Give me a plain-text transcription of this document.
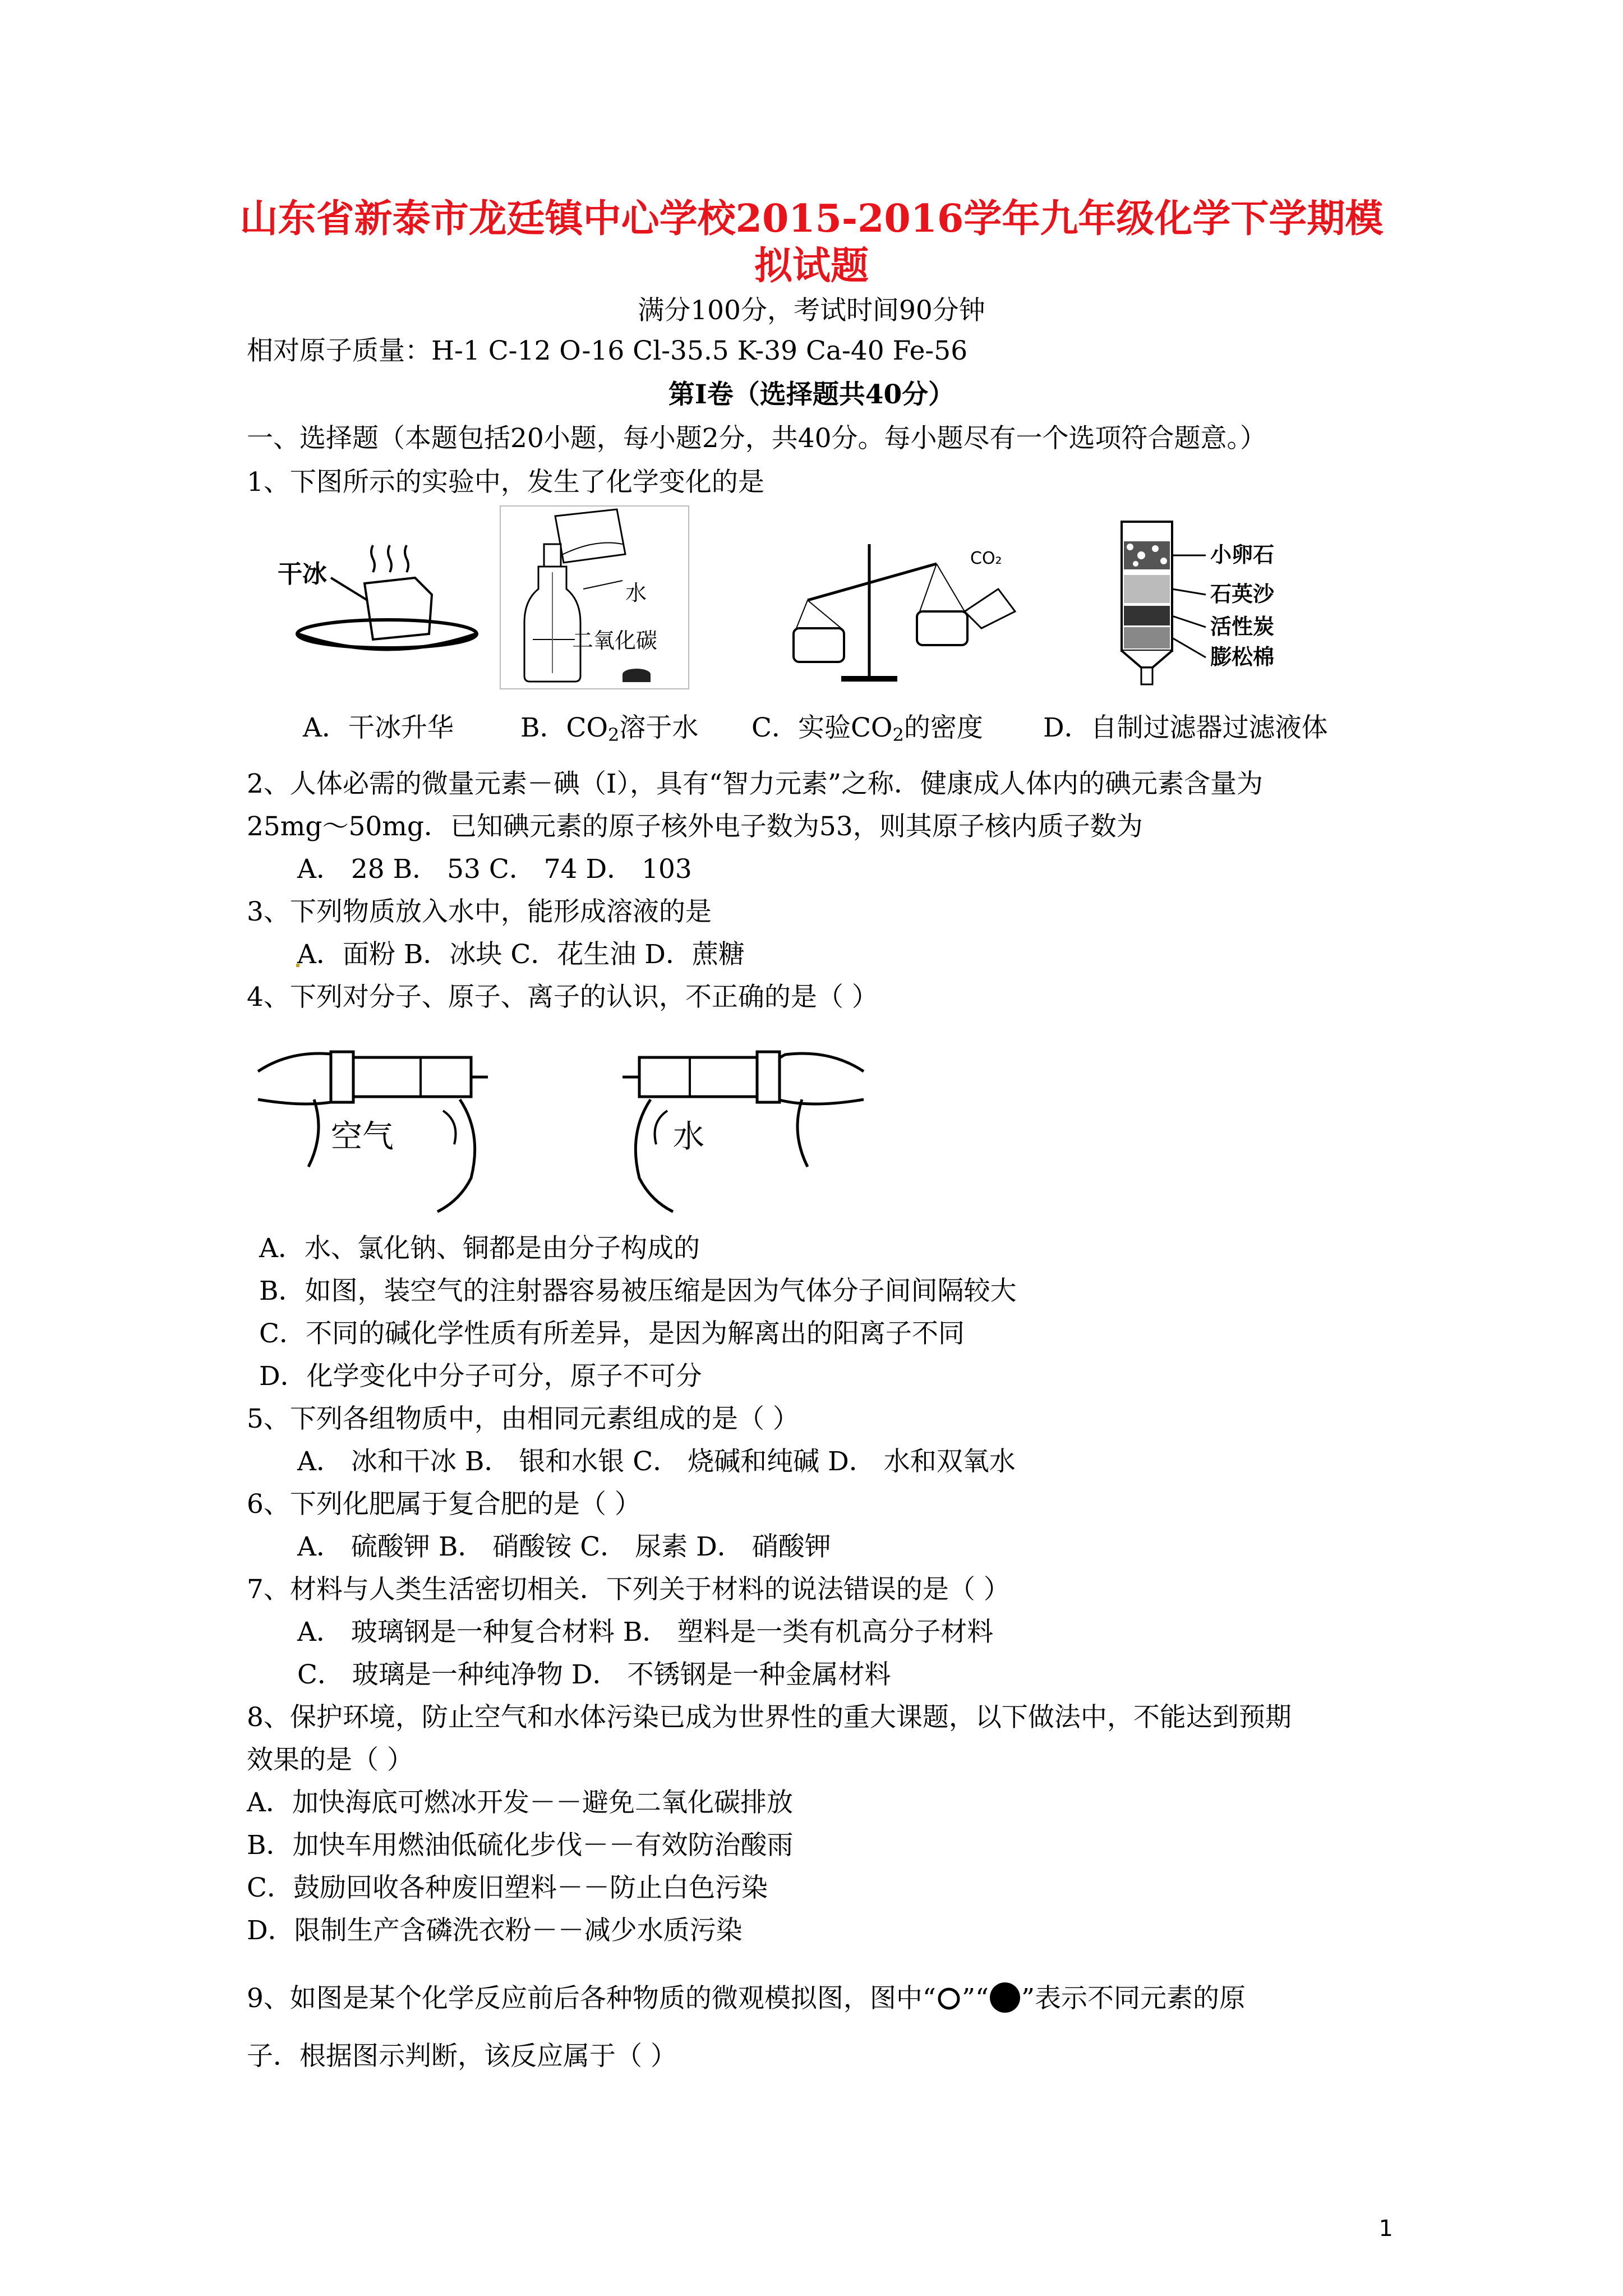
山东省新泰市龙廷镇中心学校2015-2016学年九年级化学下学期模
拟试题
满分100分，考试时间90分钟
相对原子质量：H-1 C-12 O-16 Cl-35.5 K-39 Ca-40 Fe-56
第Ⅰ卷（选择题共40分）
一、选择题（本题包括20小题，每小题2分，共40分。每小题尽有一个选项符合题意。）
1、下图所示的实验中，发生了化学变化的是
干冰
水
二氧化碳
CO₂	小卵石
石英沙
活性炭
膨松棉
A．干冰升华	B．$CO_2$溶于水 C．实验$CO_2$的密度 D．自制过滤器过滤液体
2、人体必需的微量元素－碘（I），具有“智力元素”之称．健康成人体内的碘元素含量为
25mg～50mg．已知碘元素的原子核外电子数为53，则其原子核内质子数为
A． 28 B． 53 C． 74 D． 103
3、下列物质放入水中，能形成溶液的是
A．面粉 B．冰块 C．花生油 D．蔗糖
4、下列对分子、原子、离子的认识，不正确的是（ ）
空气	水
A．水、氯化钠、铜都是由分子构成的
B．如图，装空气的注射器容易被压缩是因为气体分子间间隔较大
C．不同的碱化学性质有所差异，是因为解离出的阳离子不同
D．化学变化中分子可分，原子不可分
5、下列各组物质中，由相同元素组成的是（ ）
A． 冰和干冰 B． 银和水银 C． 烧碱和纯碱 D． 水和双氧水
6、下列化肥属于复合肥的是（ ）
A． 硫酸钾 B． 硝酸铵 C． 尿素 D． 硝酸钾
7、材料与人类生活密切相关．下列关于材料的说法错误的是（ ）
A． 玻璃钢是一种复合材料 B． 塑料是一类有机高分子材料
C． 玻璃是一种纯净物 D． 不锈钢是一种金属材料
8、保护环境，防止空气和水体污染已成为世界性的重大课题，以下做法中，不能达到预期
效果的是（ ）
A．加快海底可燃冰开发－－避免二氧化碳排放
B．加快车用燃油低硫化步伐－－有效防治酸雨
C．鼓励回收各种废旧塑料－－防止白色污染
D．限制生产含磷洗衣粉－－减少水质污染
9、如图是某个化学反应前后各种物质的微观模拟图，图中“ ”“ ”表示不同元素的原
子．根据图示判断，该反应属于（ ）
1
